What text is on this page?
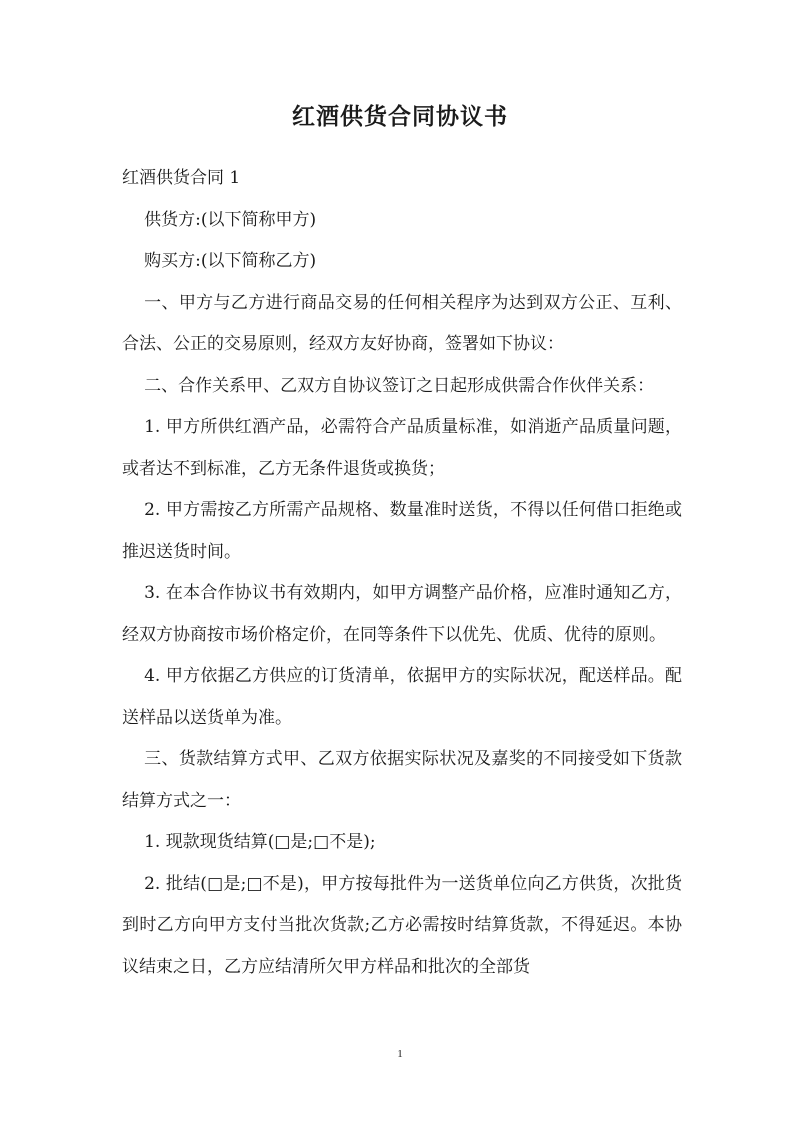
红酒供货合同协议书

红酒供货合同 1

供货方:(以下简称甲方)

购买方:(以下简称乙方)

一、甲方与乙方进行商品交易的任何相关程序为达到双方公正、互利、合法、公正的交易原则，经双方友好协商，签署如下协议：

二、合作关系甲、乙双方自协议签订之日起形成供需合作伙伴关系：

1. 甲方所供红酒产品，必需符合产品质量标准，如消逝产品质量问题，或者达不到标准，乙方无条件退货或换货；

2. 甲方需按乙方所需产品规格、数量准时送货，不得以任何借口拒绝或推迟送货时间。

3. 在本合作协议书有效期内，如甲方调整产品价格，应准时通知乙方，经双方协商按市场价格定价，在同等条件下以优先、优质、优待的原则。

4. 甲方依据乙方供应的订货清单，依据甲方的实际状况，配送样品。配送样品以送货单为准。

三、货款结算方式甲、乙双方依据实际状况及嘉奖的不同接受如下货款结算方式之一：

1. 现款现货结算(□是;□不是);

2. 批结(□是;□不是)，甲方按每批件为一送货单位向乙方供货，次批货到时乙方向甲方支付当批次货款;乙方必需按时结算货款，不得延迟。本协议结束之日，乙方应结清所欠甲方样品和批次的全部货

1
